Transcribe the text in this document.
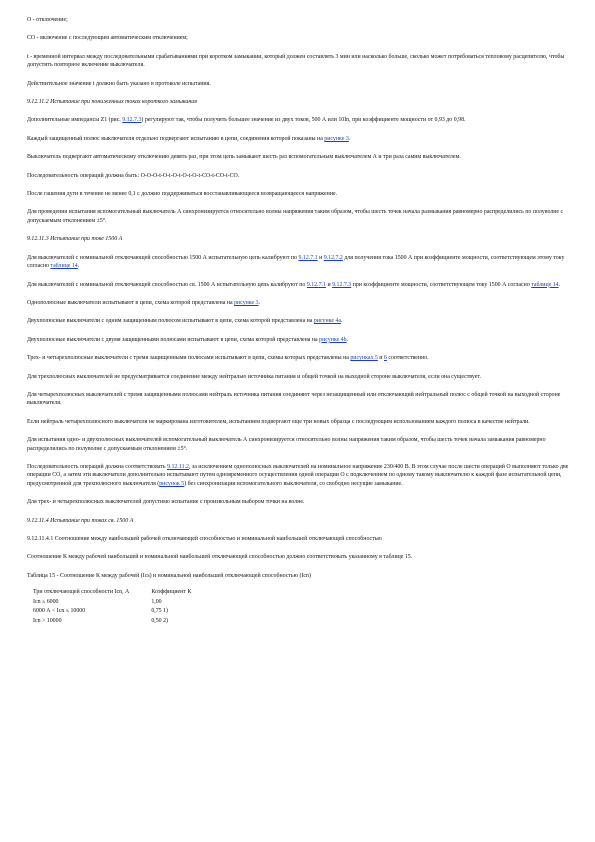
О - отключение;

СО - включение с последующим автоматическим отключением;

t - временной интервал между последовательными срабатываниями при коротком замыкании, который должен составлять 3 мин или насколько больше, сколько может потребоваться тепловому расцепителю, чтобы допустить повторное включение выключателя.

Действительное значение t должно быть указано в протоколе испытания.

9.12.11.2 Испытание при пониженных токах короткого замыкания

Дополнительные импедансы Z1 (рис. 9.12.7.3) регулируют так, чтобы получить большее значение из двух токов, 500 А или 10In, при коэффициенте мощности от 0,93 до 0,98.

Каждый защищенный полюс выключателя отдельно подвергают испытанию в цепи, соединения которой показаны на рисунке 3.

Выключатель подвергают автоматическому отключению девять раз, при этом цепь замыкают шесть раз вспомогательным выключателем А и три раза самим выключателем.

Последовательность операций должна быть: О-О-О-t-О-t-О-t-О-t-О-t-СО-t-СО-t-СО.

После гашения дуги в течение не менее 0,1 с должно поддерживаться восстанавливающееся возвращающееся напряжение.

Для проведения испытания вспомогательный выключатель А синхронизируется относительно волны напряжения таким образом, чтобы шесть точек начала размыкания равномерно распределились по полуволне с допускаемым отклонением ±5°.

9.12.11.3 Испытание при токе 1500 А

Для выключателей с номинальной отключающей способностью 1500 А испытательную цепь калибруют по 9.12.7.1 и 9.12.7.2 для получения тока 1500 А при коэффициенте мощности, соответствующем этому току согласно таблице 14.

Для выключателей с номинальной отключающей способностью св. 1500 А испытательную цепь калибруют по 9.12.7.1 и 9.12.7.3 при коэффициенте мощности, соответствующем току 1500 А согласно таблице 14.

Однополюсные выключатели испытывают в цепи, схема которой представлена на рисунке 3.

Двухполюсные выключатели с одним защищенным полюсом испытывают в цепи, схема которой представлена на рисунке 4а.

Двухполюсные выключатели с двумя защищенными полюсами испытывают в цепи, схема которой представлена на рисунке 4b.

Трех- и четырехполюсные выключатели с тремя защищенными полюсами испытывают в цепи, схемы которых представлены на рисунках 5 и 6 соответственно.

Для трехполюсных выключателей не предусматривается соединение между нейтралью источника питания и общей точкой на выходной стороне выключателя, если она существует.

Для четырехполюсных выключателей с тремя защищенными полюсами нейтраль источника питания соединяют через незащищенный или отключающий нейтральный полюс с общей точкой на выходной стороне выключателя.

Если нейтраль четырехполюсного выключателя не маркирована изготовителем, испытанием подвергают еще три новых образца с последующим использованием каждого полюса в качестве нейтрали.

Для испытания одно- и двухполюсных выключателей вспомогательный выключатель А синхронизируется относительно волны напряжения таким образом, чтобы шесть точек начала замыкания равномерно распределились по полуволне с допускаемым отклонением ±5°.

Последовательность операций должна соответствовать 9.12.11.2, за исключением однополюсных выключателей на номинальное напряжение 230/400 В. В этом случае после шести операций О выполняют только две операции СО, а затем эти выключатели дополнительно испытывают путем одновременного осуществления одной операции О с подключением по одному такому выключателю к каждой фазе испытательной цепи, предусмотренной для трехполюсного выключателя (рисунок 5) без синхронизации вспомогательного выключателя, со свободно несущие замыкание.

Для трех- и четырехполюсных выключателей допустимо испытание с произвольным выбором точки на волне.

9.12.11.4 Испытание при токах св. 1500 А

9.12.11.4.1 Соотношение между наибольшей рабочей отключающей способностью и номинальной наибольшей отключающей способностью

Соотношение К между рабочей наибольшей и номинальной наибольшей отключающей способностью должно соответствовать указанному в таблице 15.

Таблица 15 - Соотношение К между рабочей (Ics) и номинальной наибольшей отключающей способностью (Icn)

Три отключающей способности Icn, А	Коэффициент К
Icn ≤ 6000	1,00
6000 А < Icn ≤ 10000	0,75 1)
Icn > 10000	0,50 2)
